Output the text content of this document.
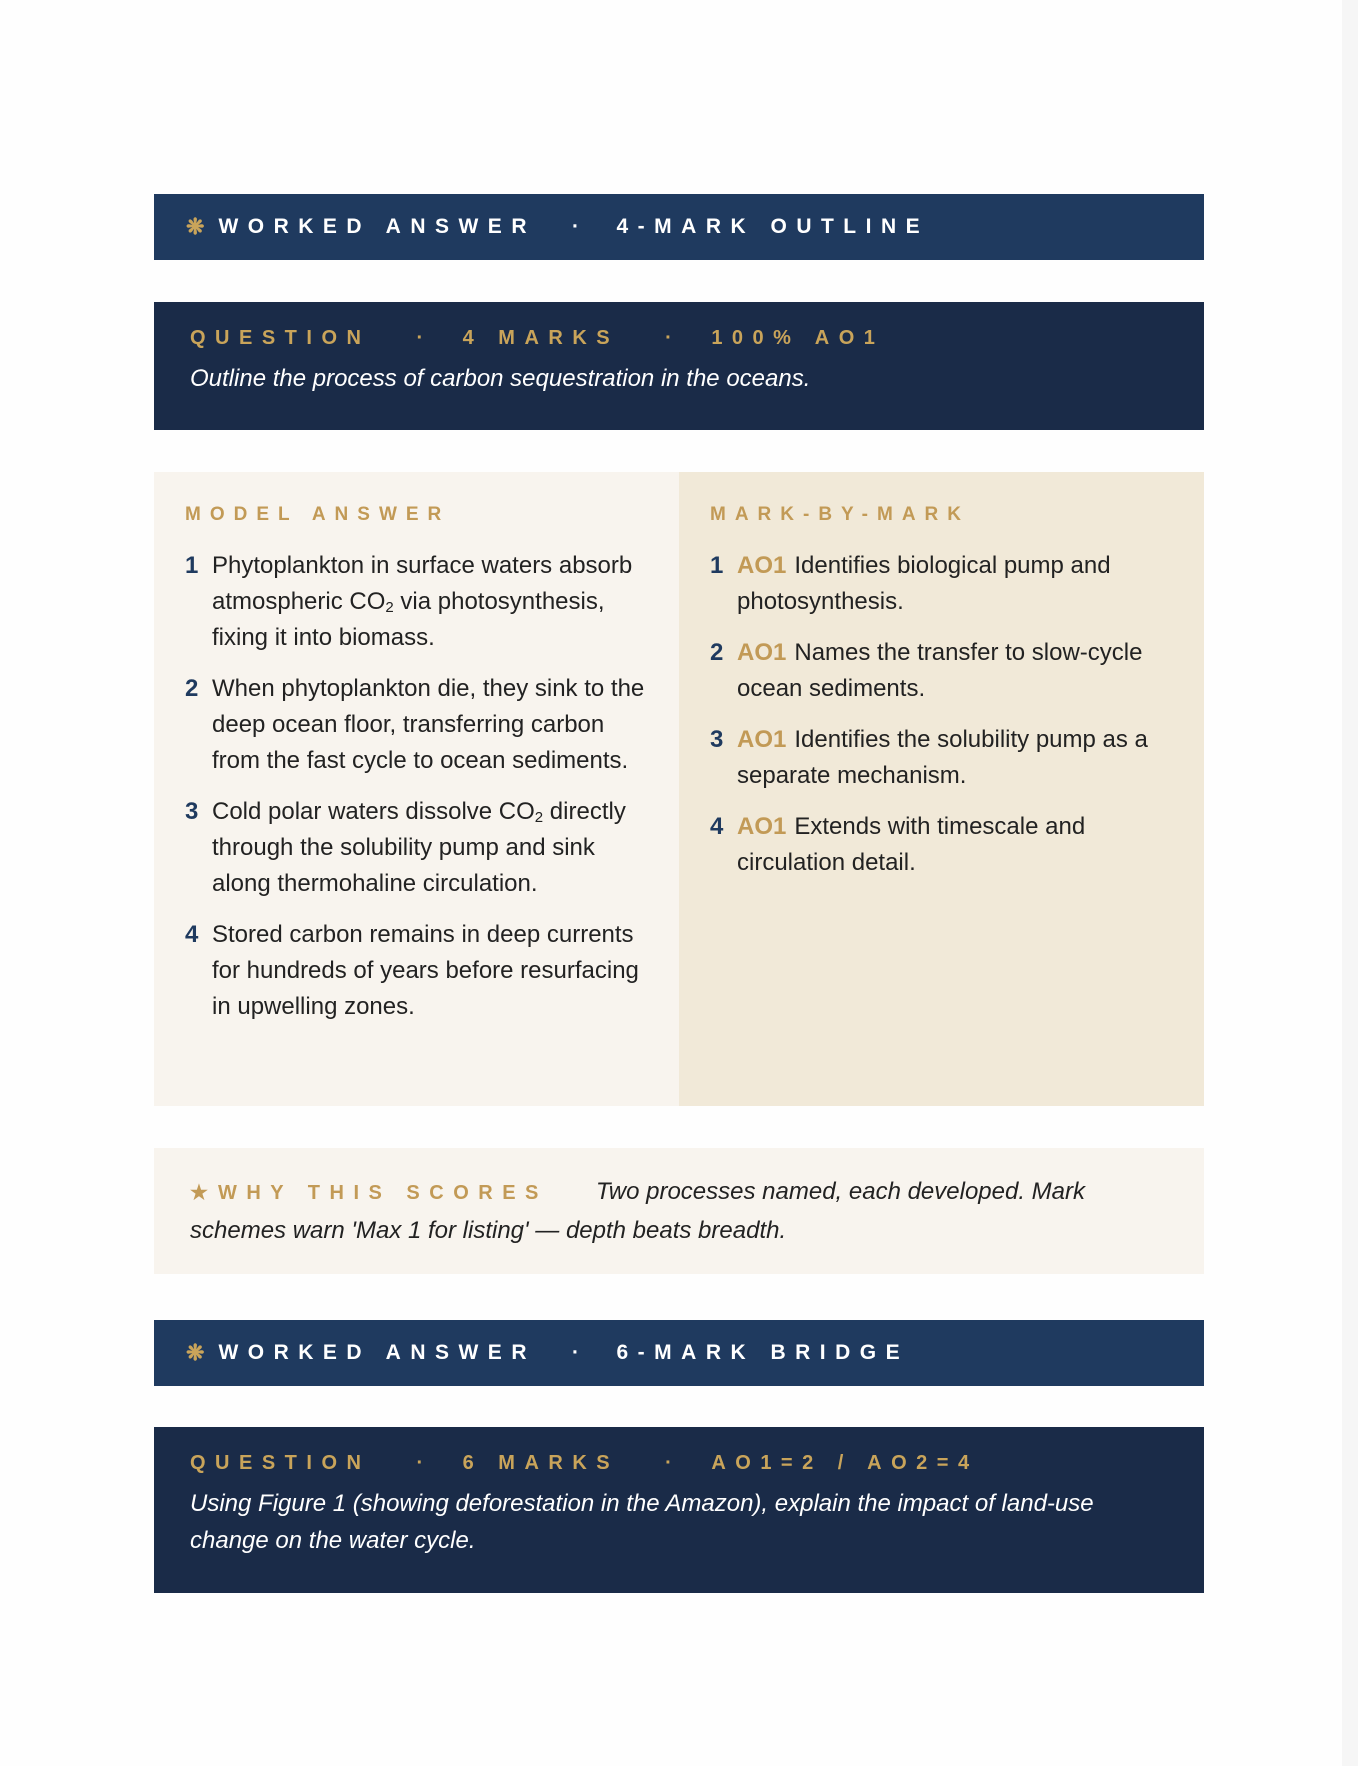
❋ WORKED ANSWER · 4-MARK OUTLINE
QUESTION · 4 MARKS · 100% AO1
Outline the process of carbon sequestration in the oceans.
MODEL ANSWER
1 Phytoplankton in surface waters absorb atmospheric $CO_2$ via photosynthesis, fixing it into biomass.
2 When phytoplankton die, they sink to the deep ocean floor, transferring carbon from the fast cycle to ocean sediments.
3 Cold polar waters dissolve $CO_2$ directly through the solubility pump and sink along thermohaline circulation.
4 Stored carbon remains in deep currents for hundreds of years before resurfacing in upwelling zones.
MARK-BY-MARK
1 AO1 Identifies biological pump and photosynthesis.
2 AO1 Names the transfer to slow-cycle ocean sediments.
3 AO1 Identifies the solubility pump as a separate mechanism.
4 AO1 Extends with timescale and circulation detail.
★ WHY THIS SCORES Two processes named, each developed. Mark schemes warn 'Max 1 for listing' — depth beats breadth.
❋ WORKED ANSWER · 6-MARK BRIDGE
QUESTION · 6 MARKS · AO1=2 / AO2=4
Using Figure 1 (showing deforestation in the Amazon), explain the impact of land-use change on the water cycle.
